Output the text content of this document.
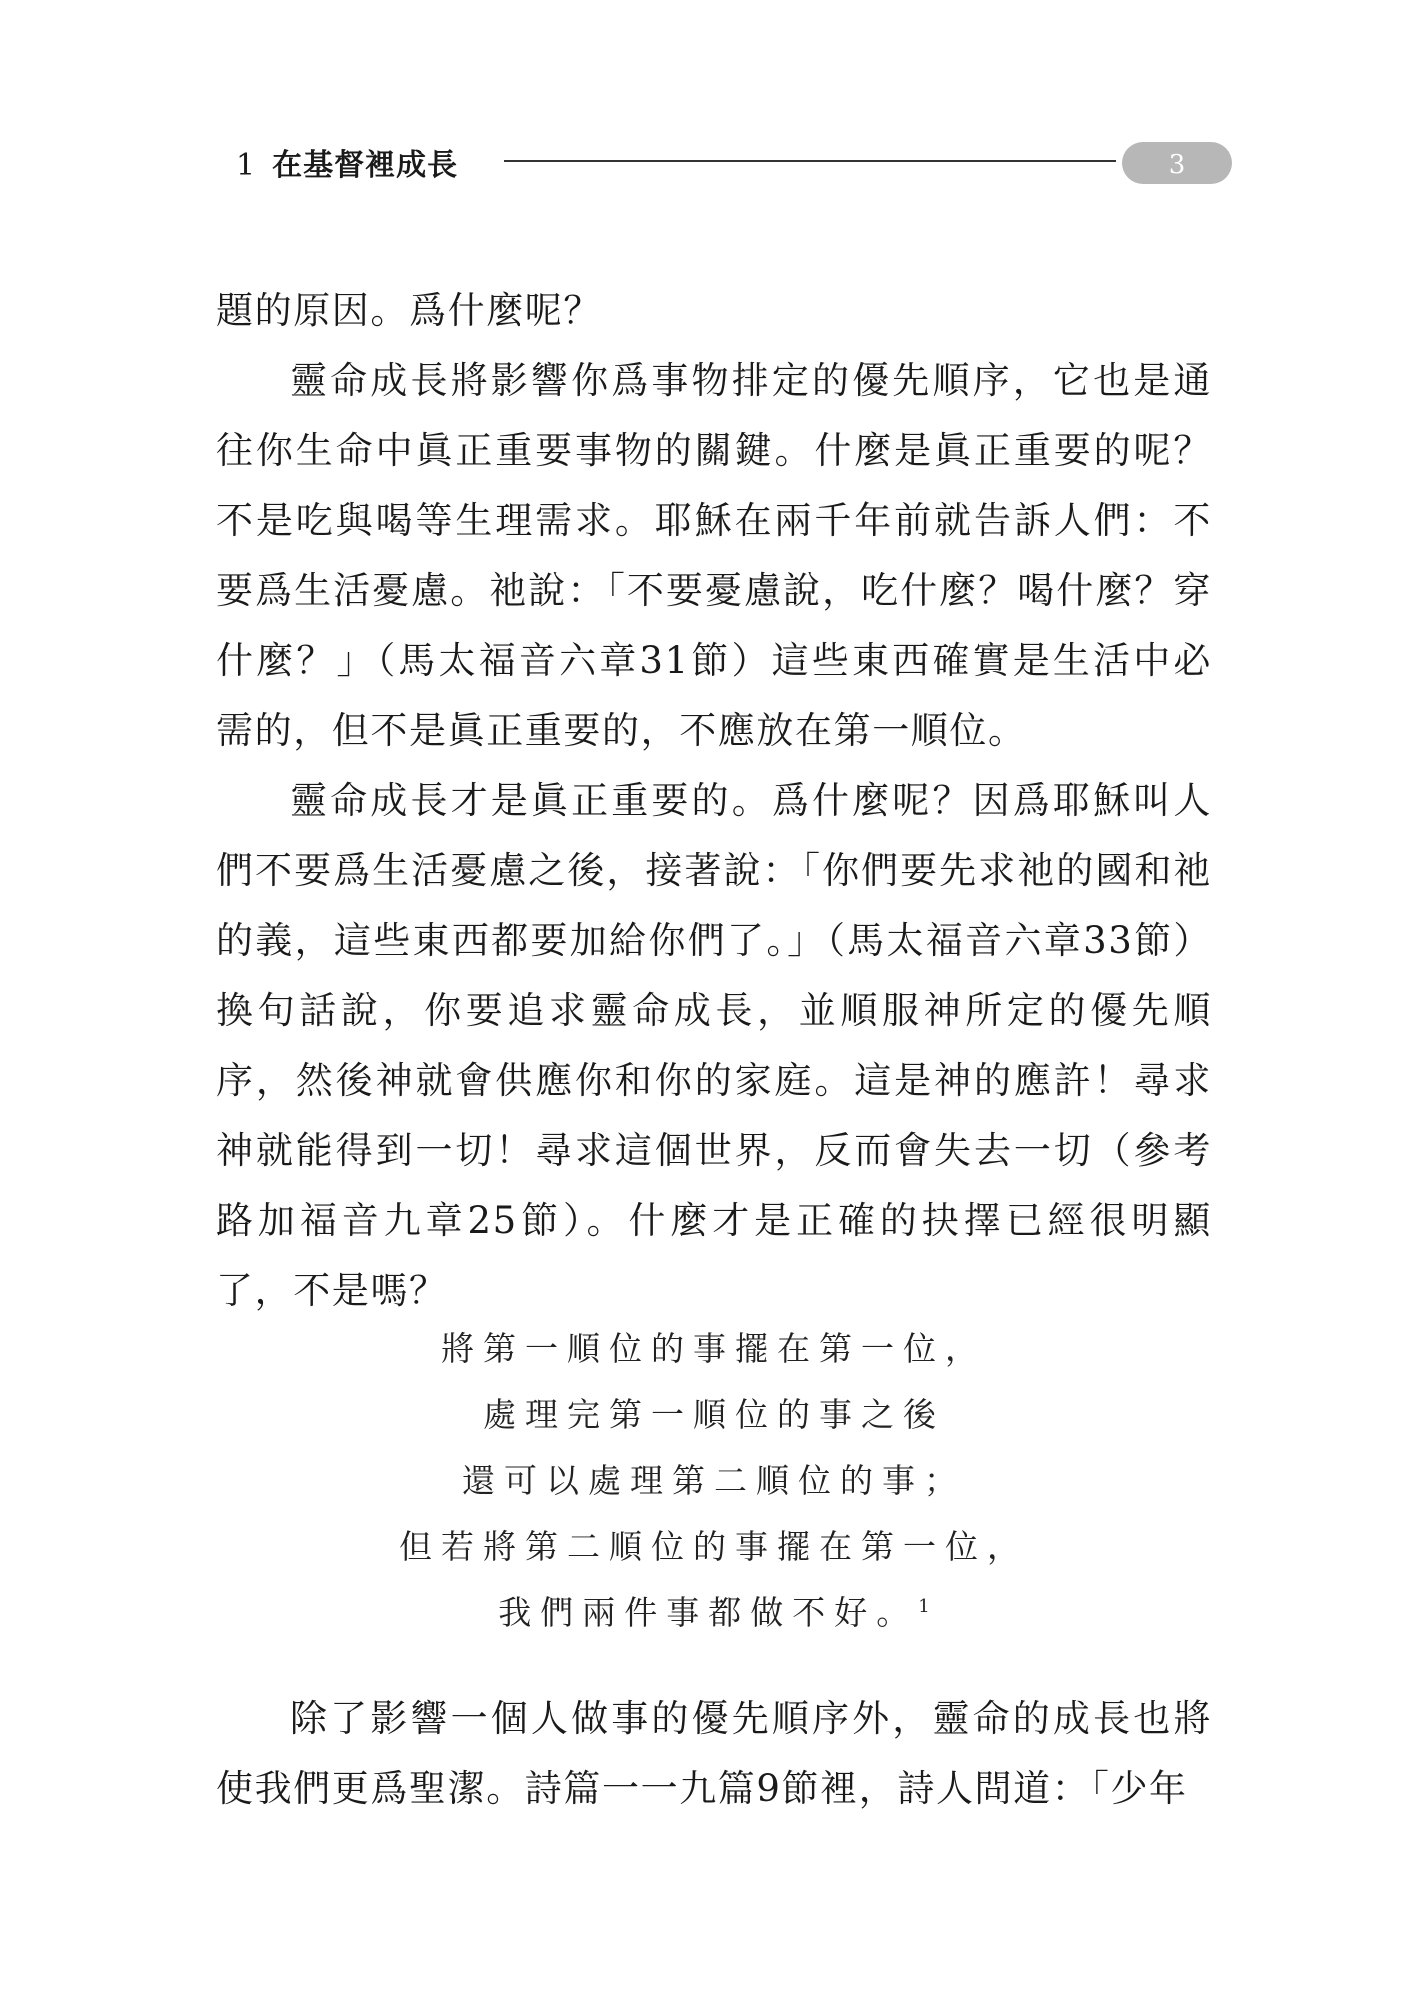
1 在基督裡成長	3

題的原因。爲什麼呢？

靈命成長將影響你爲事物排定的優先順序，它也是通往你生命中眞正重要事物的關鍵。什麼是眞正重要的呢？不是吃與喝等生理需求。耶穌在兩千年前就告訴人們：不要爲生活憂慮。祂說：「不要憂慮說，吃什麼？喝什麼？穿什麼？」（馬太福音六章31節）這些東西確實是生活中必需的，但不是眞正重要的，不應放在第一順位。

靈命成長才是眞正重要的。爲什麼呢？因爲耶穌叫人們不要爲生活憂慮之後，接著說：「你們要先求祂的國和祂的義，這些東西都要加給你們了。」（馬太福音六章33節）換句話說，你要追求靈命成長，並順服神所定的優先順序，然後神就會供應你和你的家庭。這是神的應許！尋求神就能得到一切！尋求這個世界，反而會失去一切（參考路加福音九章25節）。什麼才是正確的抉擇已經很明顯了，不是嗎？

將第一順位的事擺在第一位，
處理完第一順位的事之後
還可以處理第二順位的事；
但若將第二順位的事擺在第一位，
我們兩件事都做不好。$^1$

除了影響一個人做事的優先順序外，靈命的成長也將使我們更爲聖潔。詩篇一一九篇9節裡，詩人問道：「少年
